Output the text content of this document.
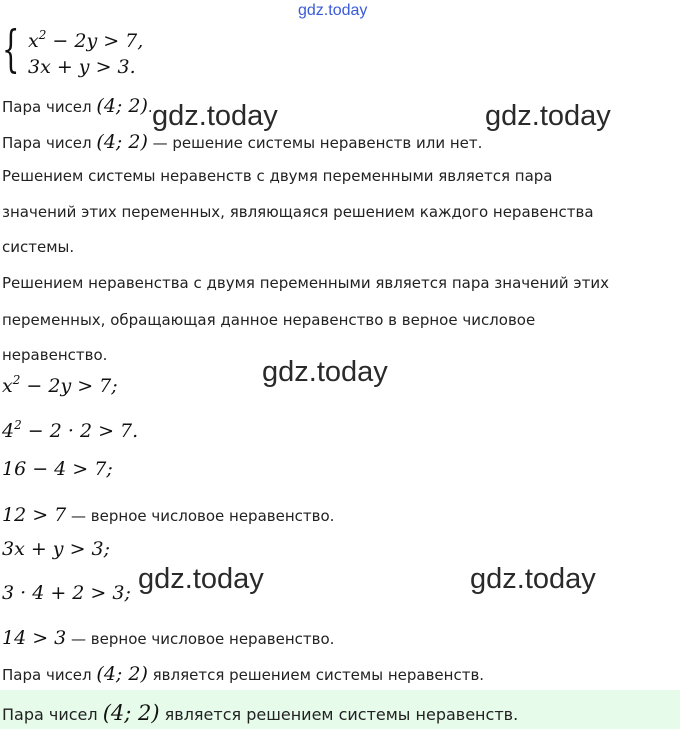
gdz.today
{ $x^2 - 2y > 7$,
3x + y > 3.
Пара чисел (4; 2).
Пара чисел (4; 2) — решение системы неравенств или нет.
Решением системы неравенств с двумя переменными является пара
значений этих переменных, являющаяся решением каждого неравенства
системы.
Решением неравенства с двумя переменными является пара значений этих
переменных, обращающая данное неравенство в верное числовое
неравенство.
$x^2 - 2y > 7$;
$4^2 - 2 \cdot 2 > 7$.
16 − 4 > 7;
12 > 7 — верное числовое неравенство.
3x + y > 3;
3 · 4 + 2 > 3;
14 > 3 — верное числовое неравенство.
Пара чисел (4; 2) является решением системы неравенств.
Пара чисел (4; 2) является решением системы неравенств.
gdz.today	gdz.today
gdz.today
gdz.today	gdz.today
